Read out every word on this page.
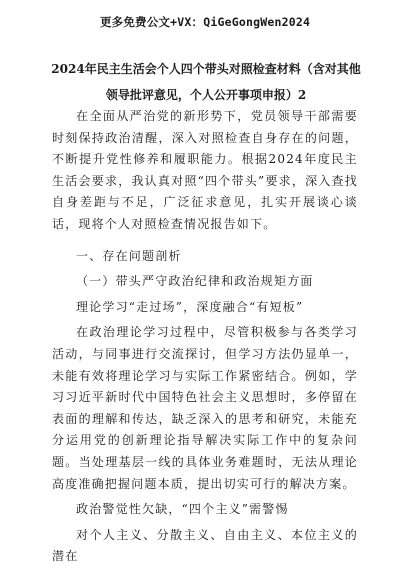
更多免费公文+VX：QiGeGongWen2024
2024年民主生活会个人四个带头对照检查材料（含对其他领导批评意见，个人公开事项申报）2

在全面从严治党的新形势下，党员领导干部需要时刻保持政治清醒，深入对照检查自身存在的问题，不断提升党性修养和履职能力。根据2024年度民主生活会要求，我认真对照“四个带头”要求，深入查找自身差距与不足，广泛征求意见，扎实开展谈心谈话，现将个人对照检查情况报告如下。

一、存在问题剖析

（一）带头严守政治纪律和政治规矩方面

理论学习“走过场”，深度融合“有短板”

在政治理论学习过程中，尽管积极参与各类学习活动，与同事进行交流探讨，但学习方法仍显单一，未能有效将理论学习与实际工作紧密结合。例如，学习习近平新时代中国特色社会主义思想时，多停留在表面的理解和传达，缺乏深入的思考和研究，未能充分运用党的创新理论指导解决实际工作中的复杂问题。当处理基层一线的具体业务难题时，无法从理论高度准确把握问题本质，提出切实可行的解决方案。

政治警觉性欠缺，“四个主义”需警惕

对个人主义、分散主义、自由主义、本位主义的潜在
